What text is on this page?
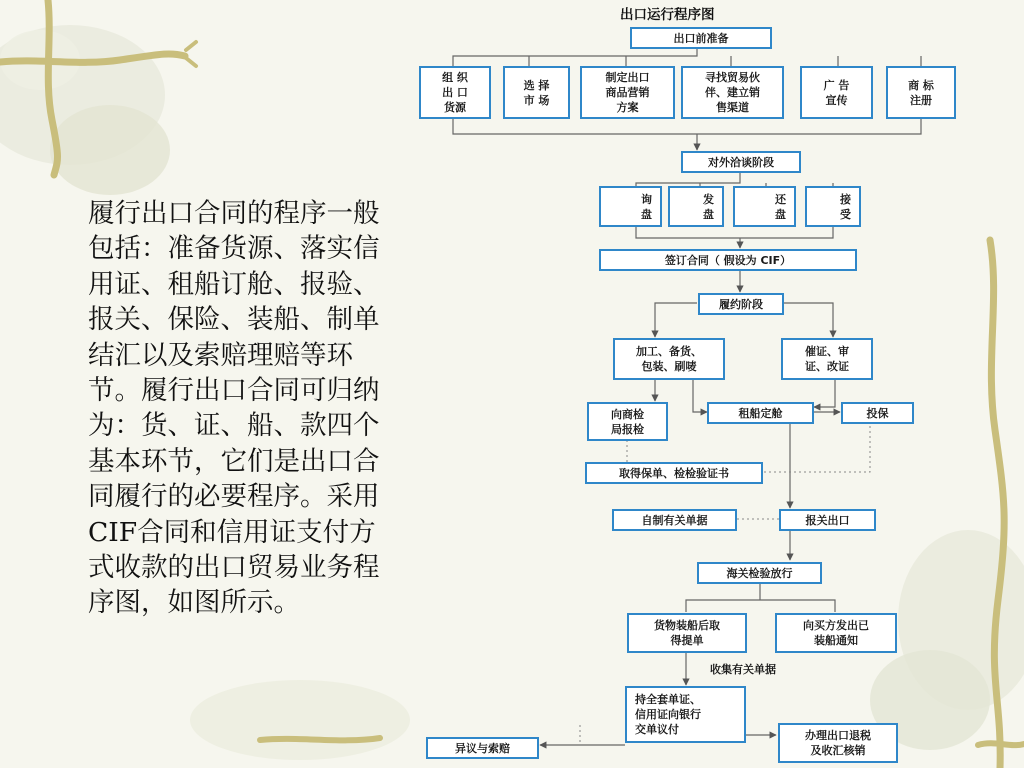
履行出口合同的程序一般包括：准备货源、落实信用证、租船订舱、报验、报关、保险、装船、制单结汇以及索赔理赔等环节。履行出口合同可归纳为：货、证、船、款四个基本环节，它们是出口合同履行的必要程序。采用CIF合同和信用证支付方式收款的出口贸易业务程序图，如图所示。

出口运行程序图
出口前准备
组 织
出 口
货源
选 择
市 场
制定出口
商品营销
方案
寻找贸易伙
伴、建立销
售渠道
广 告
宣传
商 标
注册
对外洽谈阶段
询
盘
发
盘
还
盘
接
受
签订合同（ 假设为 CIF）
履约阶段
加工、备货、
包装、刷唛
催证、审
证、改证
向商检
局报检
租船定舱	投保
取得保单、检检验证书
自制有关单据	报关出口
海关检验放行
货物装船后取
得提单
向买方发出已
装船通知
收集有关单据
持全套单证、
信用证向银行
交单议付
异议与索赔
办理出口退税
及收汇核销
